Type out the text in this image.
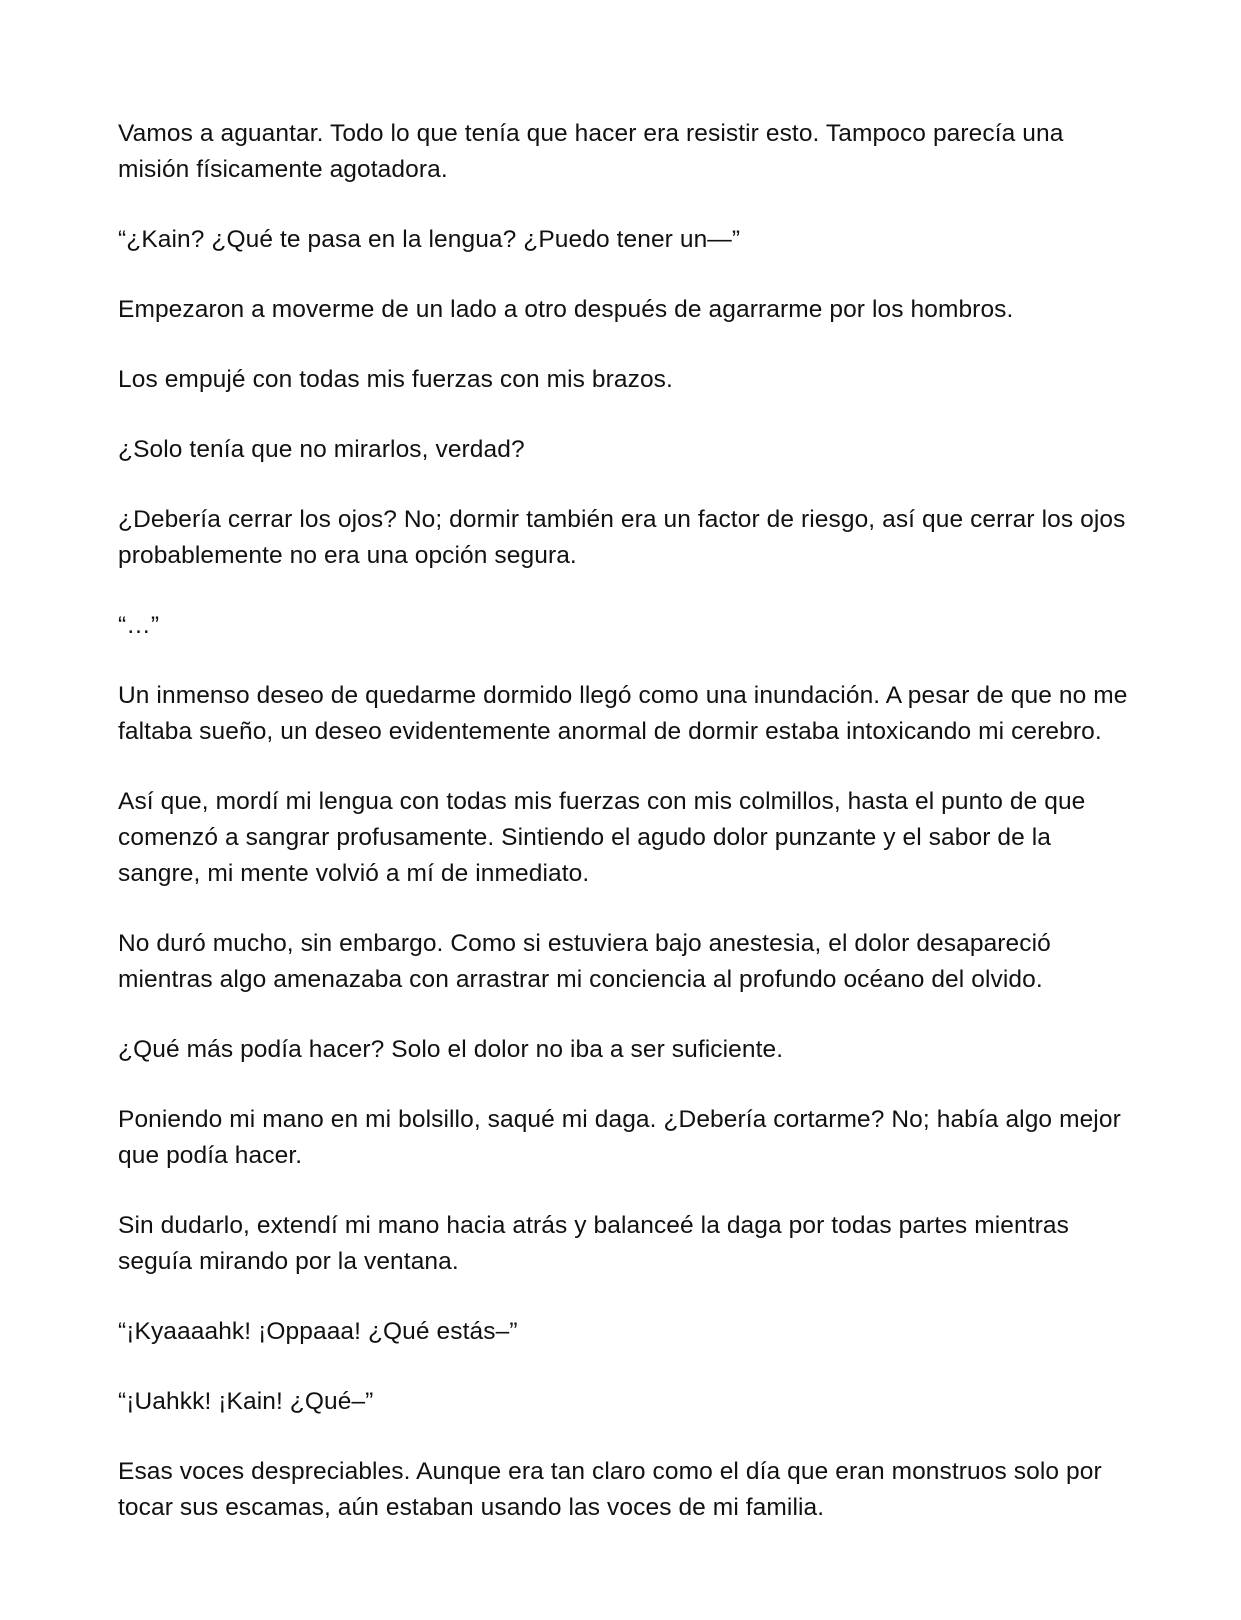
Vamos a aguantar. Todo lo que tenía que hacer era resistir esto. Tampoco parecía una misión físicamente agotadora.

“¿Kain? ¿Qué te pasa en la lengua? ¿Puedo tener un—”

Empezaron a moverme de un lado a otro después de agarrarme por los hombros.

Los empujé con todas mis fuerzas con mis brazos.

¿Solo tenía que no mirarlos, verdad?

¿Debería cerrar los ojos? No; dormir también era un factor de riesgo, así que cerrar los ojos probablemente no era una opción segura.

“…”

Un inmenso deseo de quedarme dormido llegó como una inundación. A pesar de que no me faltaba sueño, un deseo evidentemente anormal de dormir estaba intoxicando mi cerebro.

Así que, mordí mi lengua con todas mis fuerzas con mis colmillos, hasta el punto de que comenzó a sangrar profusamente. Sintiendo el agudo dolor punzante y el sabor de la sangre, mi mente volvió a mí de inmediato.

No duró mucho, sin embargo. Como si estuviera bajo anestesia, el dolor desapareció mientras algo amenazaba con arrastrar mi conciencia al profundo océano del olvido.

¿Qué más podía hacer? Solo el dolor no iba a ser suficiente.

Poniendo mi mano en mi bolsillo, saqué mi daga. ¿Debería cortarme? No; había algo mejor que podía hacer.

Sin dudarlo, extendí mi mano hacia atrás y balanceé la daga por todas partes mientras seguía mirando por la ventana.

“¡Kyaaaahk! ¡Oppaaa! ¿Qué estás–”

“¡Uahkk! ¡Kain! ¿Qué–”

Esas voces despreciables. Aunque era tan claro como el día que eran monstruos solo por tocar sus escamas, aún estaban usando las voces de mi familia.
